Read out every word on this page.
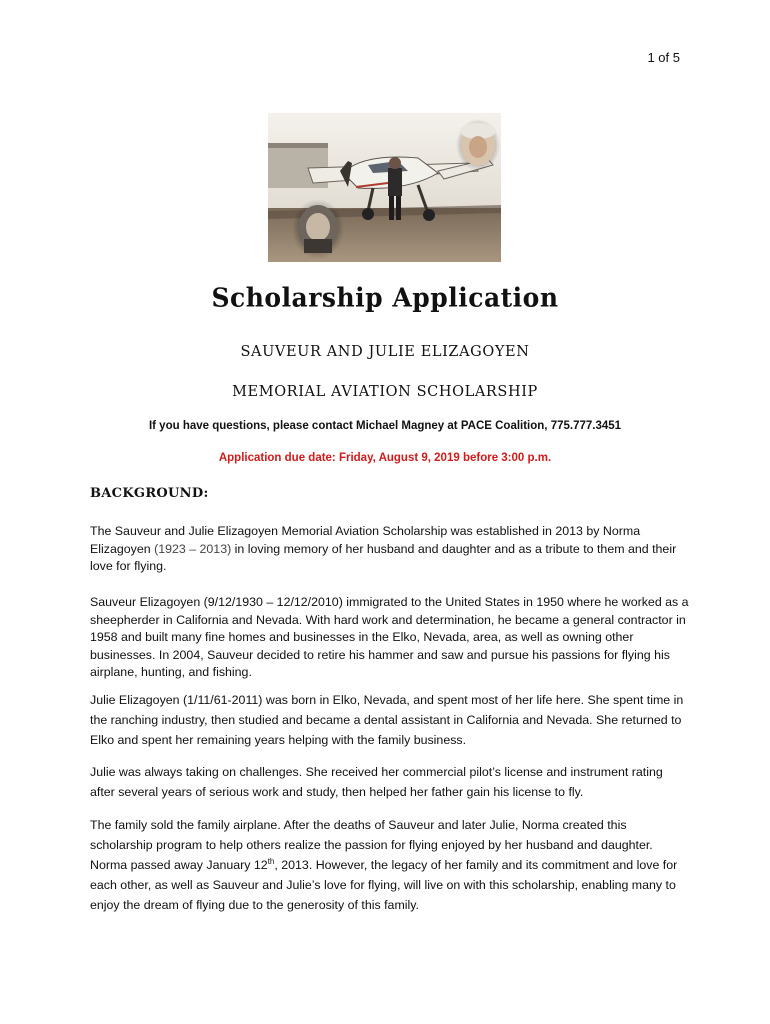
1 of 5
Scholarship Application
SAUVEUR AND JULIE ELIZAGOYEN
MEMORIAL AVIATION SCHOLARSHIP
If you have questions, please contact Michael Magney at PACE Coalition, 775.777.3451
Application due date: Friday, August 9, 2019 before 3:00 p.m.
BACKGROUND:

The Sauveur and Julie Elizagoyen Memorial Aviation Scholarship was established in 2013 by Norma Elizagoyen (1923 – 2013) in loving memory of her husband and daughter and as a tribute to them and their love for flying.

Sauveur Elizagoyen (9/12/1930 – 12/12/2010) immigrated to the United States in 1950 where he worked as a sheepherder in California and Nevada. With hard work and determination, he became a general contractor in 1958 and built many fine homes and businesses in the Elko, Nevada, area, as well as owning other businesses. In 2004, Sauveur decided to retire his hammer and saw and pursue his passions for flying his airplane, hunting, and fishing.

Julie Elizagoyen (1/11/61-2011) was born in Elko, Nevada, and spent most of her life here. She spent time in the ranching industry, then studied and became a dental assistant in California and Nevada. She returned to Elko and spent her remaining years helping with the family business.

Julie was always taking on challenges. She received her commercial pilot’s license and instrument rating after several years of serious work and study, then helped her father gain his license to fly.

The family sold the family airplane. After the deaths of Sauveur and later Julie, Norma created this scholarship program to help others realize the passion for flying enjoyed by her husband and daughter. Norma passed away January 12th, 2013. However, the legacy of her family and its commitment and love for each other, as well as Sauveur and Julie’s love for flying, will live on with this scholarship, enabling many to enjoy the dream of flying due to the generosity of this family.
